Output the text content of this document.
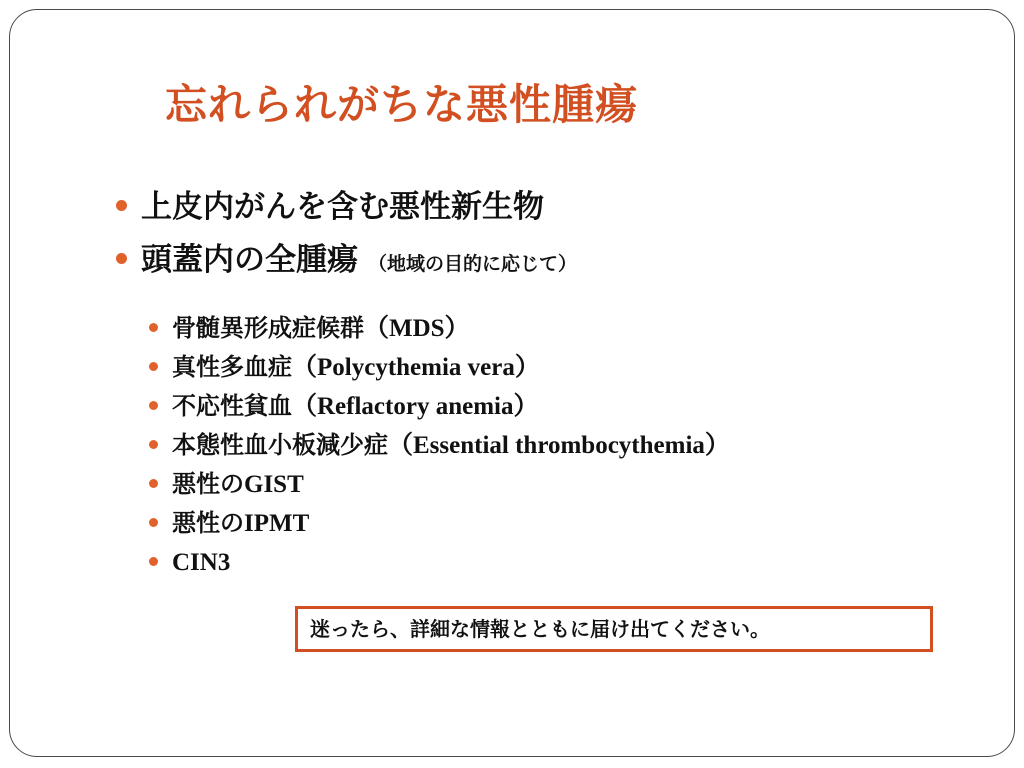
忘れられがちな悪性腫瘍
上皮内がんを含む悪性新生物
頭蓋内の全腫瘍 （地域の目的に応じて）
骨髄異形成症候群（MDS）
真性多血症（Polycythemia vera）
不応性貧血（Reflactory anemia）
本態性血小板減少症（Essential thrombocythemia）
悪性のGIST
悪性のIPMT
CIN3
迷ったら、詳細な情報とともに届け出てください。
